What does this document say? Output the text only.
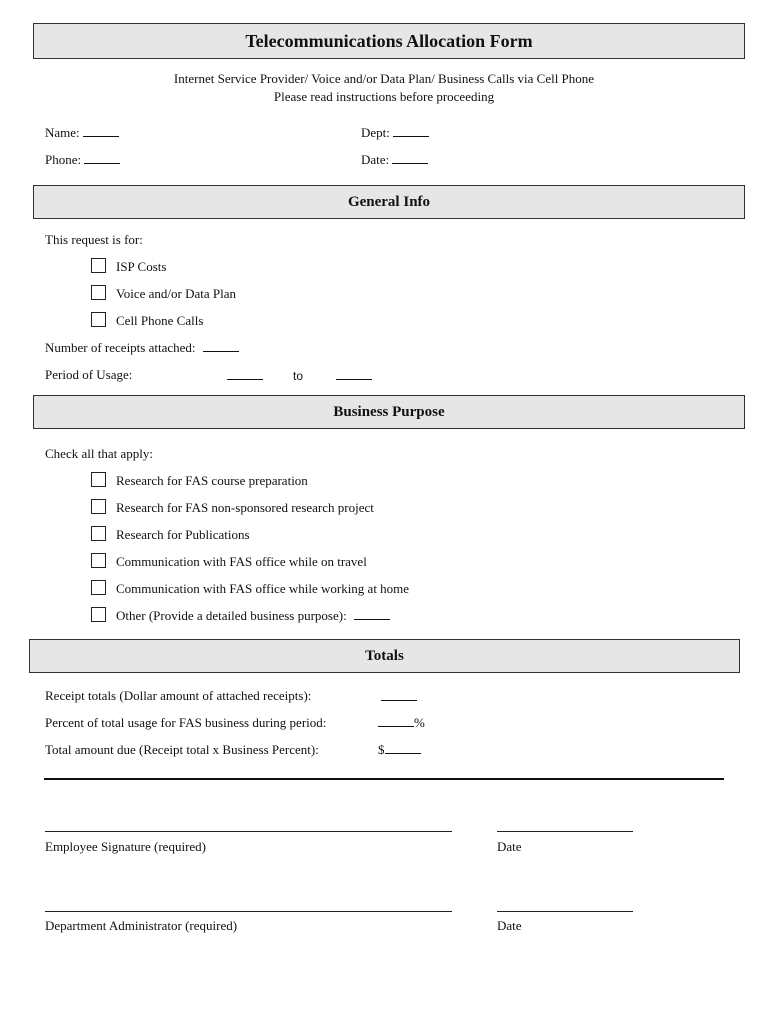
Telecommunications Allocation Form
Internet Service Provider/ Voice and/or Data Plan/ Business Calls via Cell Phone
Please read instructions before proceeding
Name:	Dept:
Phone:	Date:
General Info
This request is for:
ISP Costs
Voice and/or Data Plan
Cell Phone Calls
Number of receipts attached:
Period of Usage:	to
Business Purpose
Check all that apply:
Research for FAS course preparation
Research for FAS non-sponsored research project
Research for Publications
Communication with FAS office while on travel
Communication with FAS office while working at home
Other (Provide a detailed business purpose):
Totals
Receipt totals (Dollar amount of attached receipts):
Percent of total usage for FAS business during period:	%
Total amount due (Receipt total x Business Percent):	$
Employee Signature (required)	Date
Department Administrator (required)	Date
